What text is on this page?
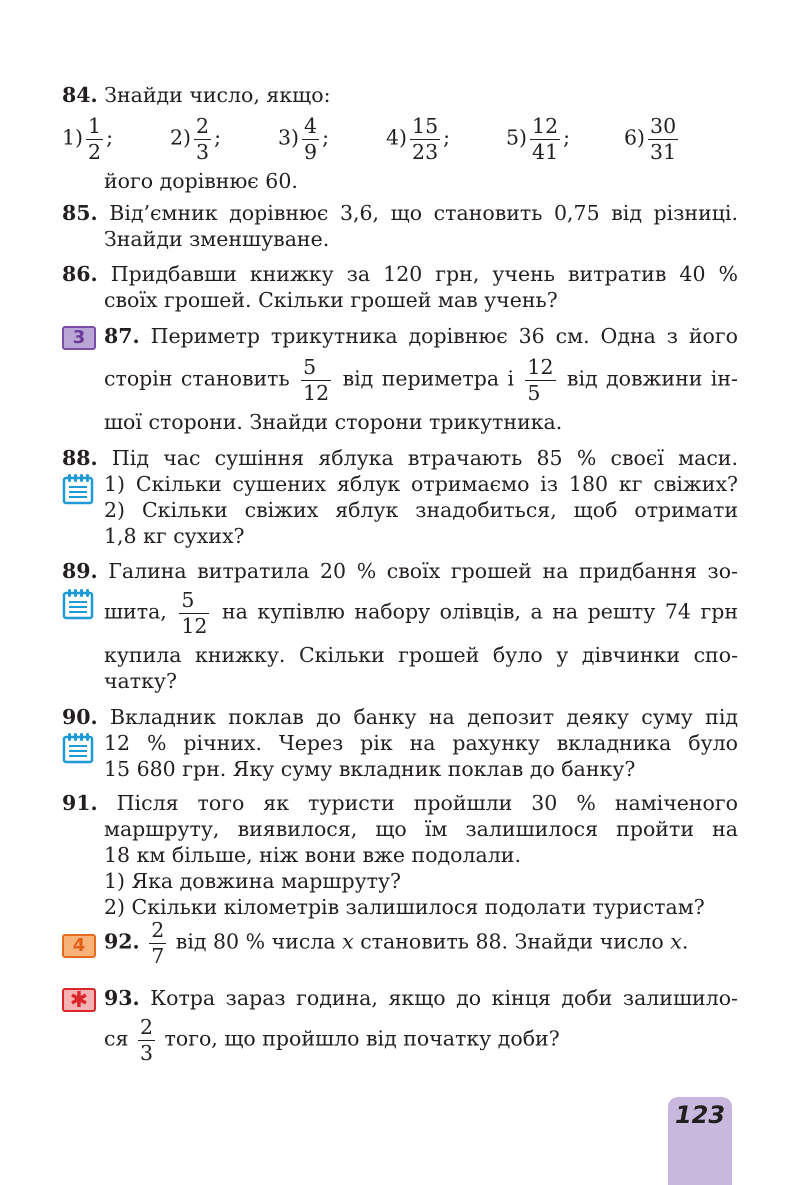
84. Знайди число, якщо:
$1) \frac{1}{2}$ ;	$2) \frac{2}{3}$ ;	$3) \frac{4}{9}$ ;	$4) \frac{15}{23}$ ;	$5) \frac{12}{41}$ ;	$6) \frac{30}{31}$
його дорівнює 60.
85. Від’ємник дорівнює 3,6, що становить 0,75 від різниці.
Знайди зменшуване.
86. Придбавши книжку за 120 грн, учень витратив 40 %
своїх грошей. Скільки грошей мав учень?
3 87. Периметр трикутника дорівнює 36 см. Одна з його
сторін становить $\frac{5}{12}$ від периметра і $\frac{12}{5}$ від довжини ін-
шої сторони. Знайди сторони трикутника.
88. Під час сушіння яблука втрачають 85 % своєї маси.
1) Скільки сушених яблук отримаємо із 180 кг свіжих?
2) Скільки свіжих яблук знадобиться, щоб отримати
1,8 кг сухих?
89. Галина витратила 20 % своїх грошей на придбання зо-
шита, $\frac{5}{12}$ на купівлю набору олівців, а на решту 74 грн
купила книжку. Скільки грошей було у дівчинки спо-
чатку?
90. Вкладник поклав до банку на депозит деяку суму під
12 % річних. Через рік на рахунку вкладника було
15 680 грн. Яку суму вкладник поклав до банку?
91. Після того як туристи пройшли 30 % наміченого
маршруту, виявилося, що їм залишилося пройти на
18 км більше, ніж вони вже подолали.
1) Яка довжина маршруту?
2) Скільки кілометрів залишилося подолати туристам?
4 92. $\frac{2}{7}$ від 80 % числа x становить 88. Знайди число x.
✱ 93. Котра зараз година, якщо до кінця доби залишило-
ся $\frac{2}{3}$ того, що пройшло від початку доби?
123
